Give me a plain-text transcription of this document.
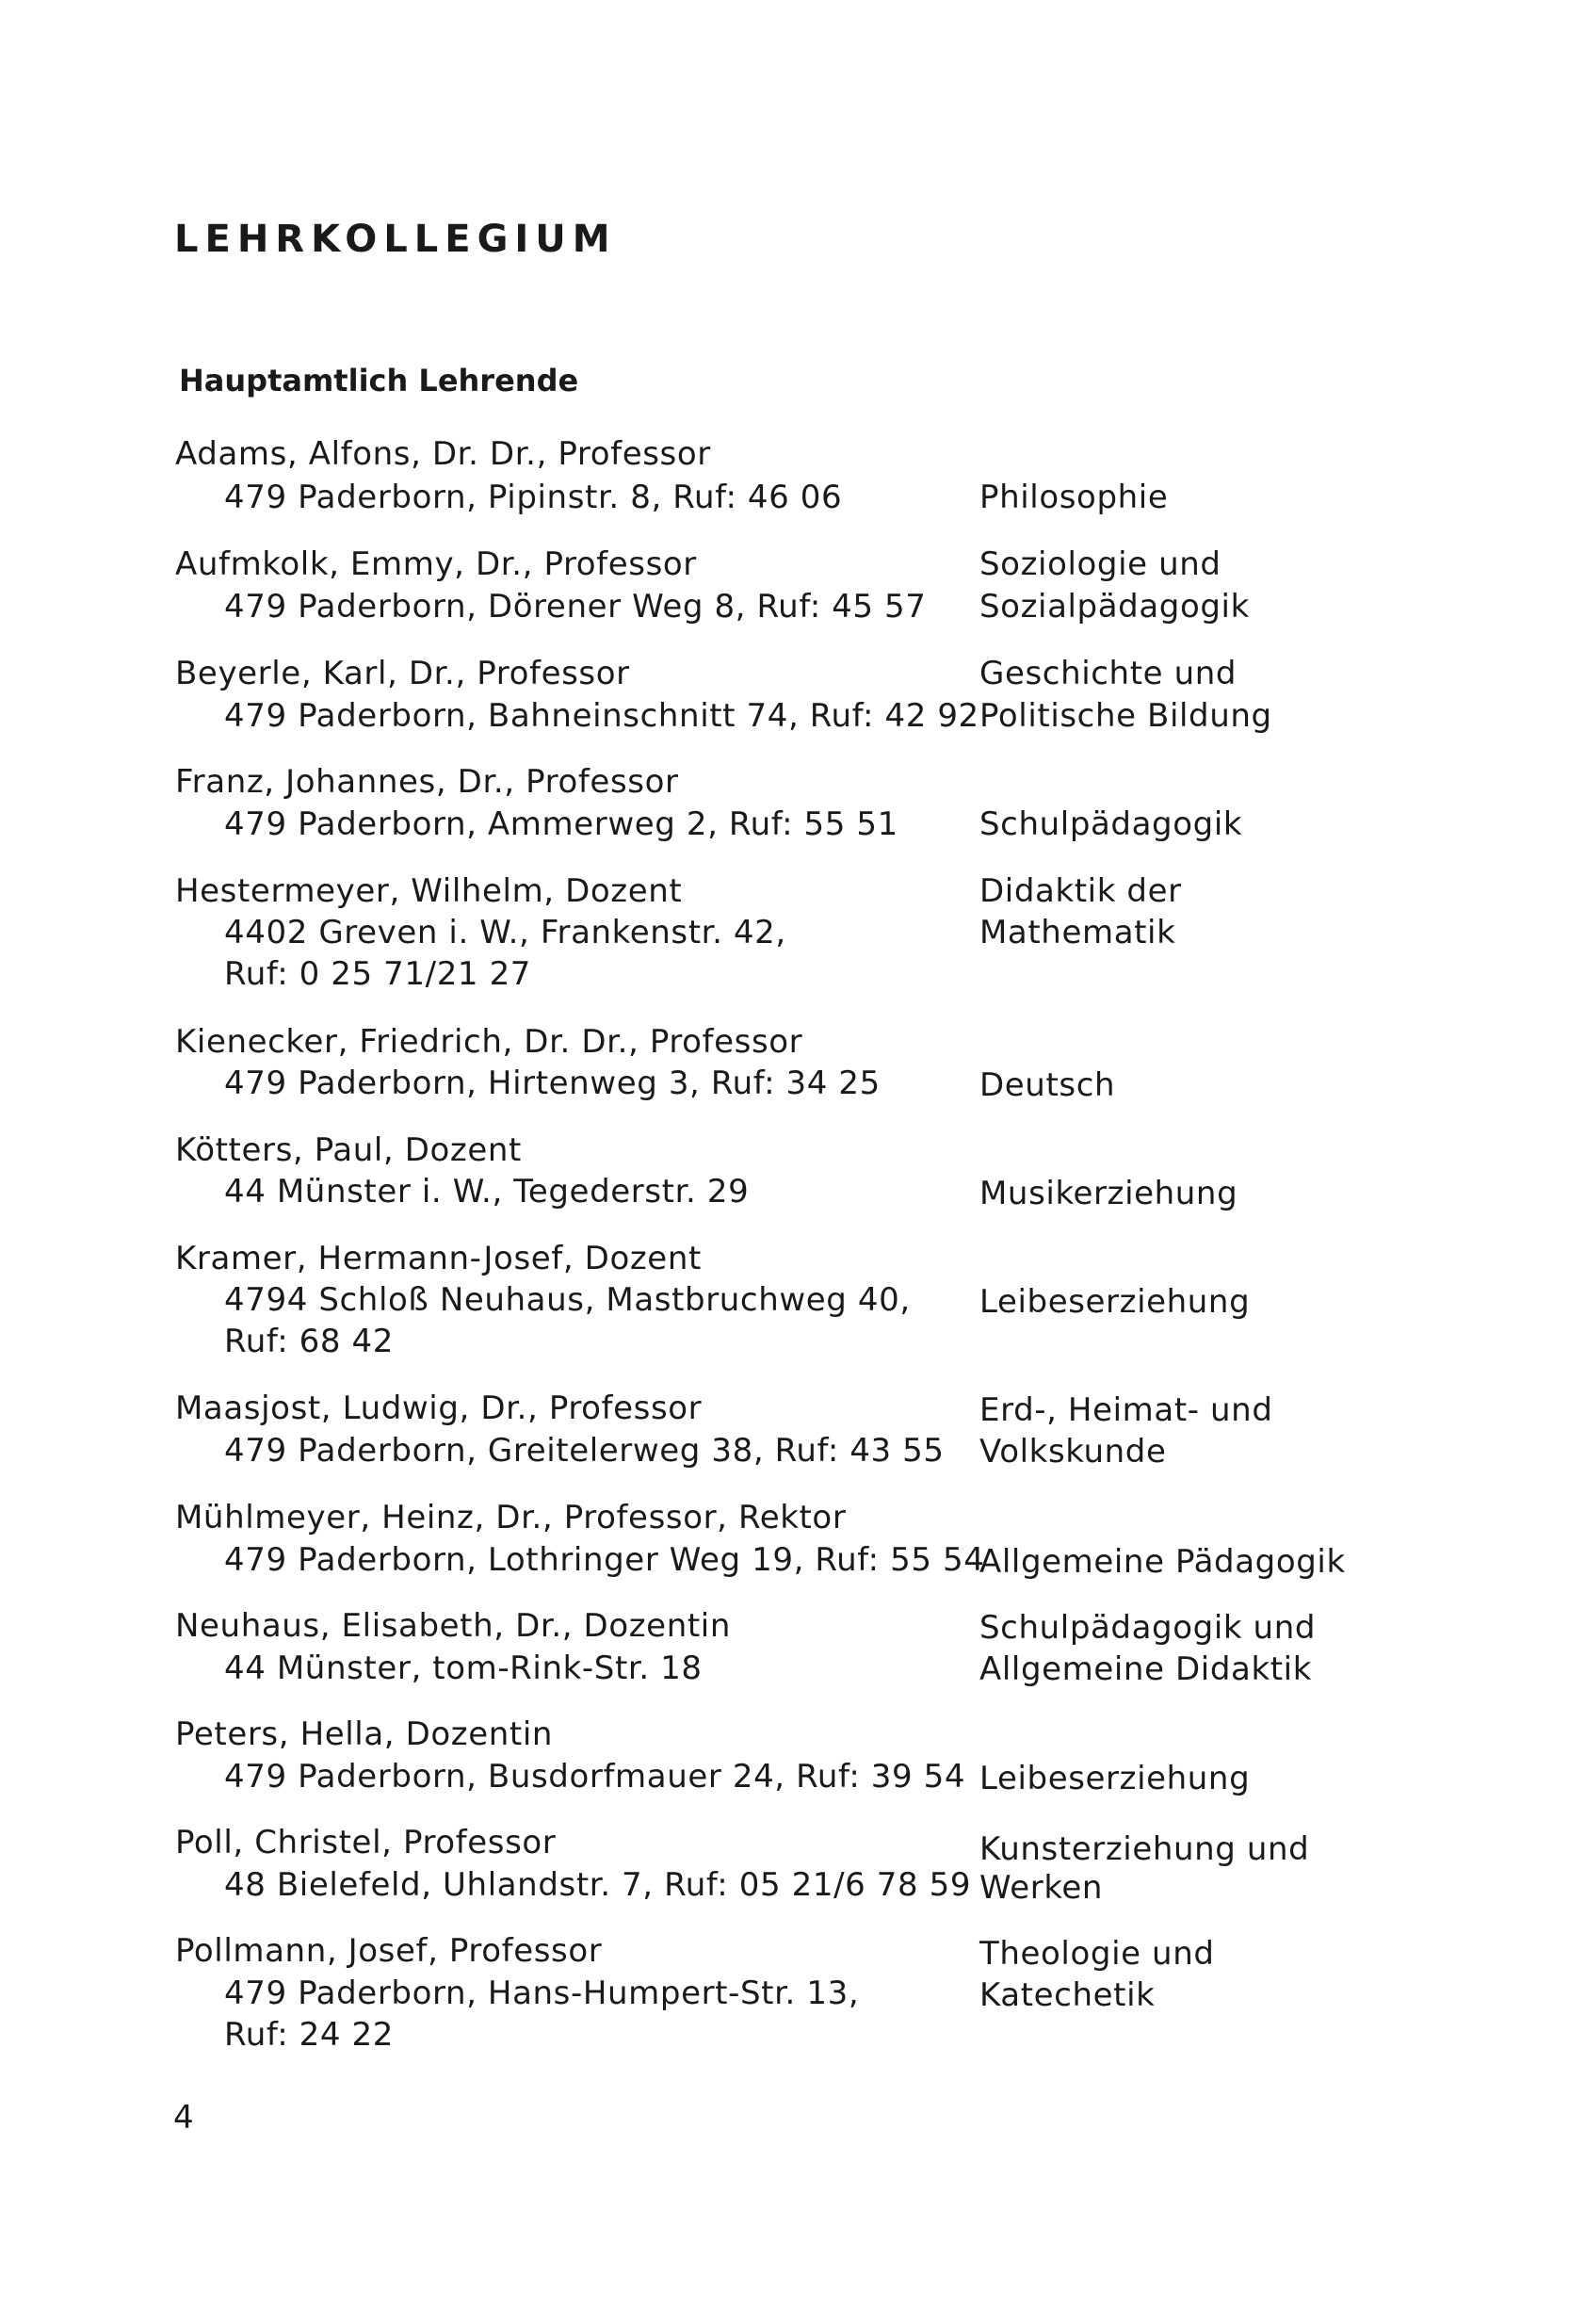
LEHRKOLLEGIUM
Hauptamtlich Lehrende
Adams, Alfons, Dr. Dr., Professor
479 Paderborn, Pipinstr. 8, Ruf: 46 06	Philosophie
Aufmkolk, Emmy, Dr., Professor	Soziologie und
479 Paderborn, Dörener Weg 8, Ruf: 45 57 Sozialpädagogik
Beyerle, Karl, Dr., Professor	Geschichte und
479 Paderborn, Bahneinschnitt 74, Ruf: 42 92 Politische Bildung
Franz, Johannes, Dr., Professor
479 Paderborn, Ammerweg 2, Ruf: 55 51	Schulpädagogik
Hestermeyer, Wilhelm, Dozent	Didaktik der
4402 Greven i. W., Frankenstr. 42,	Mathematik
Ruf: 0 25 71/21 27
Kienecker, Friedrich, Dr. Dr., Professor
479 Paderborn, Hirtenweg 3, Ruf: 34 25	Deutsch
Kötters, Paul, Dozent
44 Münster i. W., Tegederstr. 29	Musikerziehung
Kramer, Hermann-Josef, Dozent
4794 Schloß Neuhaus, Mastbruchweg 40, Leibeserziehung
Ruf: 68 42
Maasjost, Ludwig, Dr., Professor	Erd-, Heimat- und
479 Paderborn, Greitelerweg 38, Ruf: 43 55 Volkskunde
Mühlmeyer, Heinz, Dr., Professor, Rektor
479 Paderborn, Lothringer Weg 19, Ruf: 55 54
Allgemeine Pädagogik
Neuhaus, Elisabeth, Dr., Dozentin	Schulpädagogik und
44 Münster, tom-Rink-Str. 18	Allgemeine Didaktik
Peters, Hella, Dozentin
479 Paderborn, Busdorfmauer 24, Ruf: 39 54 Leibeserziehung
Poll, Christel, Professor	Kunsterziehung und
48 Bielefeld, Uhlandstr. 7, Ruf: 05 21/6 78 59 Werken
Pollmann, Josef, Professor	Theologie und
479 Paderborn, Hans-Humpert-Str. 13,	Katechetik
Ruf: 24 22
4
